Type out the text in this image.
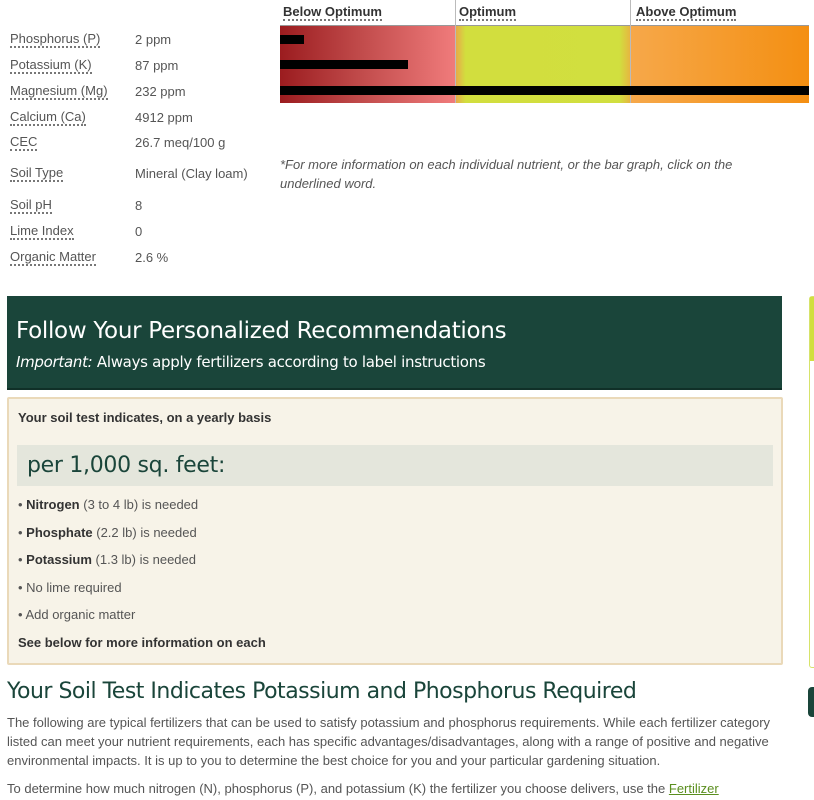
Phosphorus (P)	2 ppm
Potassium (K)	87 ppm
Magnesium (Mg) 232 ppm
Calcium (Ca)	4912 ppm
CEC	26.7 meq/100 g
Soil Type	Mineral (Clay loam)
Soil pH	8
Lime Index	0
Organic Matter	2.6 %
Below Optimum	Optimum	Above Optimum
*For more information on each individual nutrient, or the bar graph, click on the underlined word.
Follow Your Personalized Recommendations
Important: Always apply fertilizers according to label instructions
Your soil test indicates, on a yearly basis
per 1,000 sq. feet:
• Nitrogen (3 to 4 lb) is needed
• Phosphate (2.2 lb) is needed
• Potassium (1.3 lb) is needed
• No lime required
• Add organic matter
See below for more information on each
Your Soil Test Indicates Potassium and Phosphorus Required
The following are typical fertilizers that can be used to satisfy potassium and phosphorus requirements. While each fertilizer category listed can meet your nutrient requirements, each has specific advantages/disadvantages, along with a range of positive and negative environmental impacts. It is up to you to determine the best choice for you and your particular gardening situation.
To determine how much nitrogen (N), phosphorus (P), and potassium (K) the fertilizer you choose delivers, use the Fertilizer
